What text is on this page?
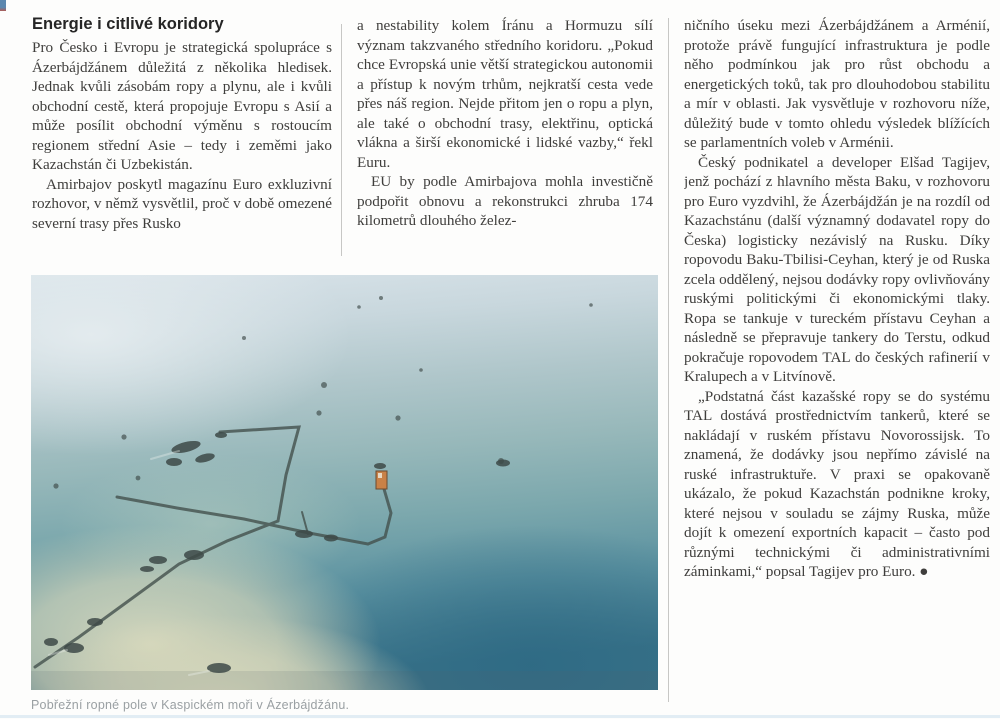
Energie i citlivé koridory

Pro Česko i Evropu je strategická spolupráce s Ázerbájdžánem důležitá z několika hledisek. Jednak kvůli zásobám ropy a plynu, ale i kvůli obchodní cestě, která propojuje Evropu s Asií a může posílit obchodní výměnu s rostoucím regionem střední Asie – tedy i zeměmi jako Kazachstán či Uzbekistán.

Amirbajov poskytl magazínu Euro exkluzivní rozhovor, v němž vysvětlil, proč v době omezené severní trasy přes Rusko

a nestability kolem Íránu a Hormuzu sílí význam takzvaného středního koridoru. „Pokud chce Evropská unie větší strategickou autonomii a přístup k novým trhům, nejkratší cesta vede přes náš region. Nejde přitom jen o ropu a plyn, ale také o obchodní trasy, elektřinu, optická vlákna a širší ekonomické i lidské vazby,“ řekl Euru.

EU by podle Amirbajova mohla investičně podpořit obnovu a rekonstrukci zhruba 174 kilometrů dlouhého želez-

ničního úseku mezi Ázerbájdžánem a Arménií, protože právě fungující infrastruktura je podle něho podmínkou jak pro růst obchodu a energetických toků, tak pro dlouhodobou stabilitu a mír v oblasti. Jak vysvětluje v rozhovoru níže, důležitý bude v tomto ohledu výsledek blížících se parlamentních voleb v Arménii.

Český podnikatel a developer Elšad Tagijev, jenž pochází z hlavního města Baku, v rozhovoru pro Euro vyzdvihl, že Ázerbájdžán je na rozdíl od Kazachstánu (další významný dodavatel ropy do Česka) logisticky nezávislý na Rusku. Díky ropovodu Baku-Tbilisi-Ceyhan, který je od Ruska zcela oddělený, nejsou dodávky ropy ovlivňovány ruskými politickými či ekonomickými tlaky. Ropa se tankuje v tureckém přístavu Ceyhan a následně se přepravuje tankery do Terstu, odkud pokračuje ropovodem TAL do českých rafinerií v Kralupech a v Litvínově.

„Podstatná část kazašské ropy se do systému TAL dostává prostřednictvím tankerů, které se nakládají v ruském přístavu Novorossijsk. To znamená, že dodávky jsou nepřímo závislé na ruské infrastruktuře. V praxi se opakovaně ukázalo, že pokud Kazachstán podnikne kroky, které nejsou v souladu se zájmy Ruska, může dojít k omezení exportních kapacit – často pod různými technickými či administrativními záminkami,“ popsal Tagijev pro Euro. ●

Pobřežní ropné pole v Kaspickém moři v Ázerbájdžánu.
